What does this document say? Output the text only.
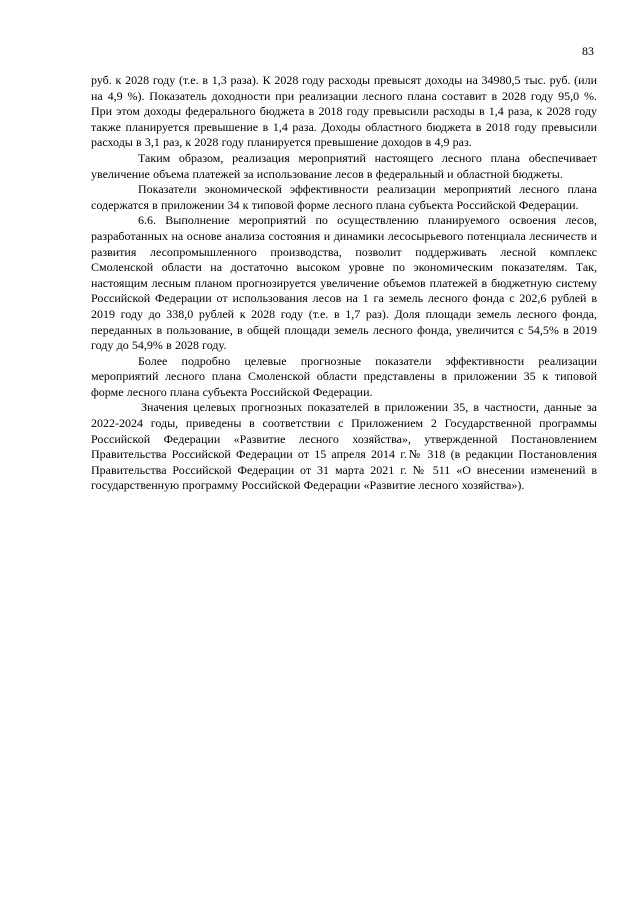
83

руб. к 2028 году (т.е. в 1,3 раза). К 2028 году расходы превысят доходы на 34980,5 тыс. руб. (или на 4,9 %). Показатель доходности при реализации лесного плана составит в 2028 году 95,0 %. При этом доходы федерального бюджета в 2018 году превысили расходы в 1,4 раза, к 2028 году также планируется превышение в 1,4 раза. Доходы областного бюджета в 2018 году превысили расходы в 3,1 раз, к 2028 году планируется превышение доходов в 4,9 раз.

Таким образом, реализация мероприятий настоящего лесного плана обеспечивает увеличение объема платежей за использование лесов в федеральный и областной бюджеты.

Показатели экономической эффективности реализации мероприятий лесного плана содержатся в приложении 34 к типовой форме лесного плана субъекта Российской Федерации.

6.6. Выполнение мероприятий по осуществлению планируемого освоения лесов, разработанных на основе анализа состояния и динамики лесосырьевого потенциала лесничеств и развития лесопромышленного производства, позволит поддерживать лесной комплекс Смоленской области на достаточно высоком уровне по экономическим показателям. Так, настоящим лесным планом прогнозируется увеличение объемов платежей в бюджетную систему Российской Федерации от использования лесов на 1 га земель лесного фонда с 202,6 рублей в 2019 году до 338,0 рублей к 2028 году (т.е. в 1,7 раз). Доля площади земель лесного фонда, переданных в пользование, в общей площади земель лесного фонда, увеличится с 54,5% в 2019 году до 54,9% в 2028 году.

Более подробно целевые прогнозные показатели эффективности реализации мероприятий лесного плана Смоленской области представлены в приложении 35 к типовой форме лесного плана субъекта Российской Федерации.

Значения целевых прогнозных показателей в приложении 35, в частности, данные за 2022-2024 годы, приведены в соответствии с Приложением 2 Государственной программы Российской Федерации «Развитие лесного хозяйства», утвержденной Постановлением Правительства Российской Федерации от 15 апреля 2014 г.№ 318 (в редакции Постановления Правительства Российской Федерации от 31 марта 2021 г. № 511 «О внесении изменений в государственную программу Российской Федерации «Развитие лесного хозяйства»).
